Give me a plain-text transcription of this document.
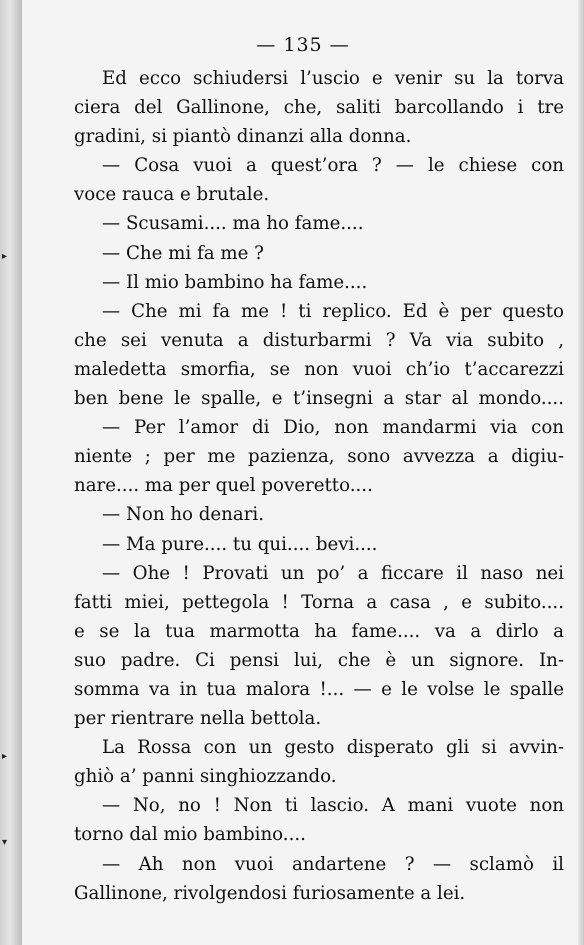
▸
▸
▾
— 135 —
Ed ecco schiudersi l’uscio e venir su la torva
ciera del Gallinone, che, saliti barcollando i tre
gradini, si piantò dinanzi alla donna.
— Cosa vuoi a quest’ora ? — le chiese con
voce rauca e brutale.
— Scusami.... ma ho fame....
— Che mi fa me ?
— Il mio bambino ha fame....
— Che mi fa me ! ti replico. Ed è per questo
che sei venuta a disturbarmi ? Va via subito ,
maledetta smorfia, se non vuoi ch’io t’accarezzi
ben bene le spalle, e t’insegni a star al mondo....
— Per l’amor di Dio, non mandarmi via con
niente ; per me pazienza, sono avvezza a digiu-
nare.... ma per quel poveretto....
— Non ho denari.
— Ma pure.... tu qui.... bevi....
— Ohe ! Provati un po’ a ficcare il naso nei
fatti miei, pettegola ! Torna a casa , e subito....
e se la tua marmotta ha fame.... va a dirlo a
suo padre. Ci pensi lui, che è un signore. In-
somma va in tua malora !... — e le volse le spalle
per rientrare nella bettola.
La Rossa con un gesto disperato gli si avvin-
ghiò a’ panni singhiozzando.
— No, no ! Non ti lascio. A mani vuote non
torno dal mio bambino....
— Ah non vuoi andartene ? — sclamò il
Gallinone, rivolgendosi furiosamente a lei.
